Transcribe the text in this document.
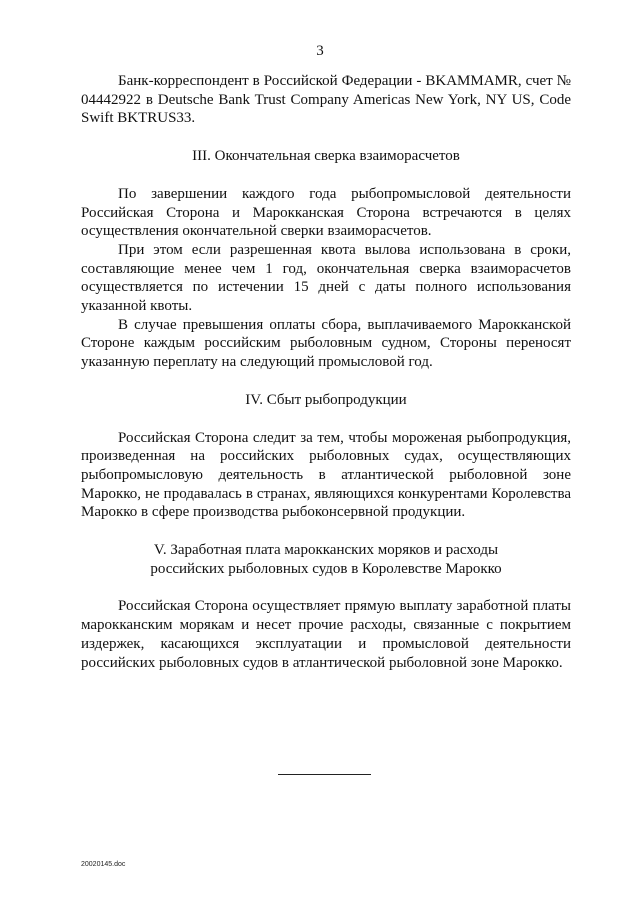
3

Банк-корреспондент в Российской Федерации - BKAMMAMR, счет № 04442922 в Deutsche Bank Trust Company Americas New York, NY US, Code Swift BKTRUS33.

III. Окончательная сверка взаиморасчетов

По завершении каждого года рыбопромысловой деятельности Российская Сторона и Марокканская Сторона встречаются в целях осуществления окончательной сверки взаиморасчетов.

При этом если разрешенная квота вылова использована в сроки, составляющие менее чем 1 год, окончательная сверка взаиморасчетов осуществляется по истечении 15 дней с даты полного использования указанной квоты.

В случае превышения оплаты сбора, выплачиваемого Марокканской Стороне каждым российским рыболовным судном, Стороны переносят указанную переплату на следующий промысловой год.

IV. Сбыт рыбопродукции

Российская Сторона следит за тем, чтобы мороженая рыбопродукция, произведенная на российских рыболовных судах, осуществляющих рыбопромысловую деятельность в атлантической рыболовной зоне Марокко, не продавалась в странах, являющихся конкурентами Королевства Марокко в сфере производства рыбоконсервной продукции.

V. Заработная плата марокканских моряков и расходы
российских рыболовных судов в Королевстве Марокко

Российская Сторона осуществляет прямую выплату заработной платы марокканским морякам и несет прочие расходы, связанные с покрытием издержек, касающихся эксплуатации и промысловой деятельности российских рыболовных судов в атлантической рыболовной зоне Марокко.

20020145.doc
